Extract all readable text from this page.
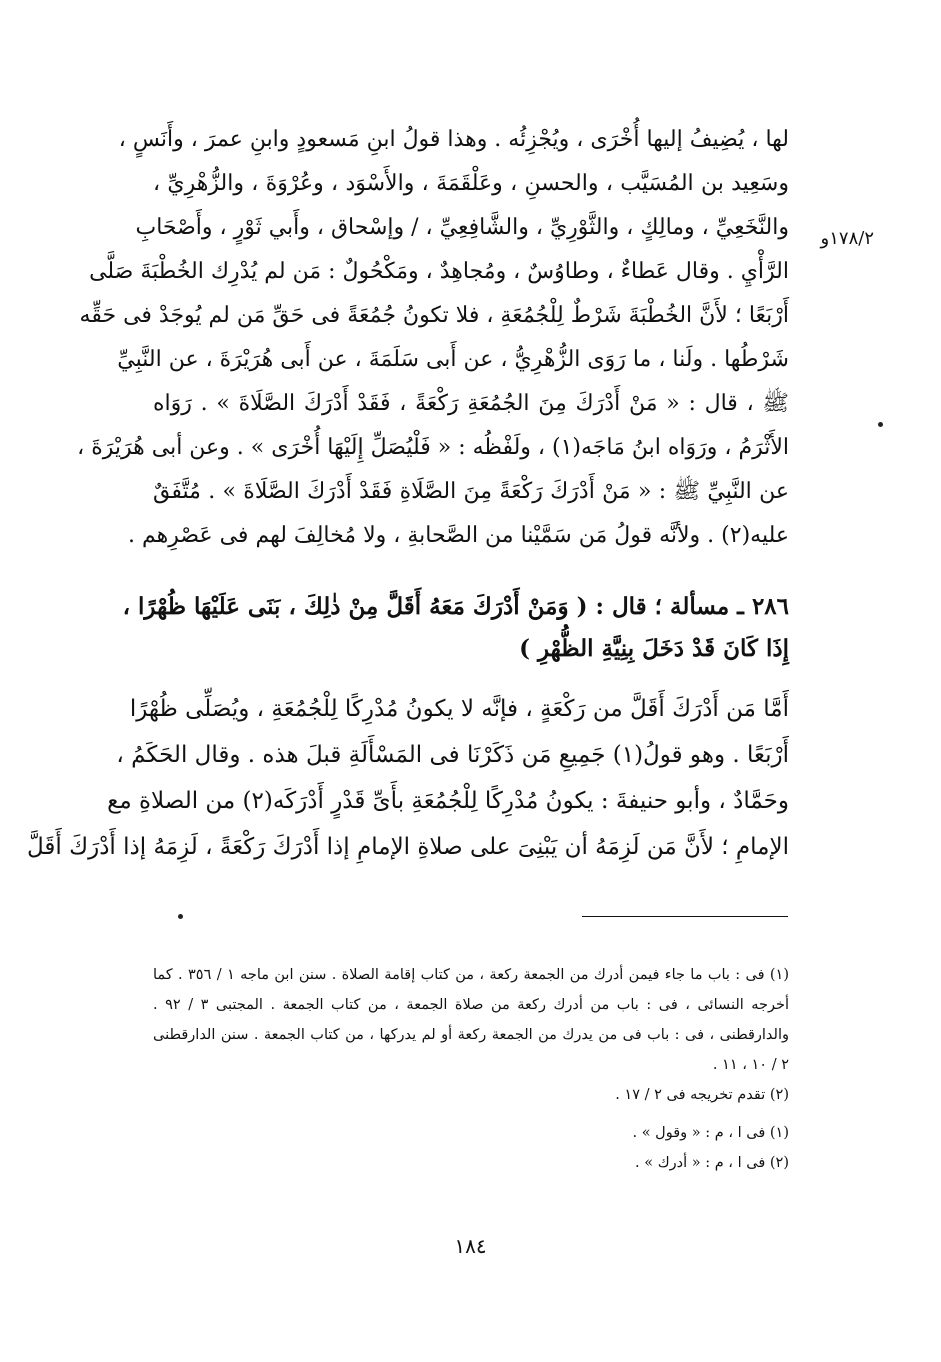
١٧٨/٢و
لها ، يُضِيفُ إليها أُخْرَى ، ويُجْزِئُه . وهذا قولُ ابنِ مَسعودٍ وابنِ عمرَ ، وأَنَسٍ ،
وسَعِيد بن المُسَيَّب ، والحسنِ ، وعَلْقَمَةَ ، والأَسْوَد ، وعُرْوَةَ ، والزُّهْرِيِّ ،
والنَّخَعِيِّ ، ومالِكٍ ، والثَّوْرِيِّ ، والشَّافِعِيِّ ، / وإسْحاق ، وأَبي ثَوْرٍ ، وأَصْحَابِ
الرَّأْيِ . وقال عَطاءٌ ، وطاوُسٌ ، ومُجاهِدٌ ، ومَكْحُولٌ : مَن لم يُدْرِك الخُطْبَةَ صَلَّى
أَرْبَعًا ؛ لأَنَّ الخُطْبَةَ شَرْطٌ لِلْجُمُعَةِ ، فلا تكونُ جُمُعَةً فى حَقِّ مَن لم يُوجَدْ فى حَقِّه
شَرْطُها . ولَنا ، ما رَوَى الزُّهْرِيُّ ، عن أَبى سَلَمَةَ ، عن أَبى هُرَيْرَةَ ، عن النَّبِيِّ
ﷺ ، قال : « مَنْ أَدْرَكَ مِنَ الجُمُعَةِ رَكْعَةً ، فَقَدْ أَدْرَكَ الصَّلَاةَ » . رَوَاه
الأَثْرَمُ ، ورَوَاه ابنُ مَاجَه(١) ، ولَفْظُه : « فَلْيُصَلِّ إِلَيْهَا أُخْرَى » . وعن أبى هُرَيْرَةَ ،
عن النَّبِيِّ ﷺ : « مَنْ أَدْرَكَ رَكْعَةً مِنَ الصَّلَاةِ فَقَدْ أَدْرَكَ الصَّلَاةَ » . مُتَّفَقٌ
عليه(٢) . ولأنَّه قولُ مَن سَمَّيْنا من الصَّحابةِ ، ولا مُخالِفَ لهم فى عَصْرِهم .
٢٨٦ ـ مسألة ؛ قال : ( وَمَنْ أَدْرَكَ مَعَهُ أَقَلَّ مِنْ ذٰلِكَ ، بَنَى عَلَيْهَا ظُهْرًا ،
إِذَا كَانَ قَدْ دَخَلَ بِنِيَّةِ الظُّهْرِ )
أَمَّا مَن أَدْرَكَ أَقَلَّ من رَكْعَةٍ ، فإنَّه لا يكونُ مُدْرِكًا لِلْجُمُعَةِ ، ويُصَلِّى ظُهْرًا
أَرْبَعًا . وهو قولُ(١) جَمِيعِ مَن ذَكَرْنَا فى المَسْأَلَةِ قبلَ هذه . وقال الحَكَمُ ،
وحَمَّادٌ ، وأبو حنيفةَ : يكونُ مُدْرِكًا لِلْجُمُعَةِ بأَىِّ قَدْرٍ أَدْرَكَه(٢) من الصلاةِ مع
الإمامِ ؛ لأَنَّ مَن لَزِمَهُ أن يَبْنِىَ على صلاةِ الإمامِ إذا أَدْرَكَ رَكْعَةً ، لَزِمَهُ إذا أَدْرَكَ أَقَلَّ
(١) فى : باب ما جاء فيمن أدرك من الجمعة ركعة ، من كتاب إقامة الصلاة . سنن ابن ماجه ١ / ٣٥٦ . كما
أخرجه النسائى ، فى : باب من أدرك ركعة من صلاة الجمعة ، من كتاب الجمعة . المجتبى ٣ / ٩٢ .
والدارقطنى ، فى : باب فى من يدرك من الجمعة ركعة أو لم يدركها ، من كتاب الجمعة . سنن الدارقطنى
٢ / ١٠ ، ١١ .
(٢) تقدم تخريجه فى ٢ / ١٧ .
(١) فى ا ، م : « وقول » .
(٢) فى ا ، م : « أدرك » .
١٨٤
